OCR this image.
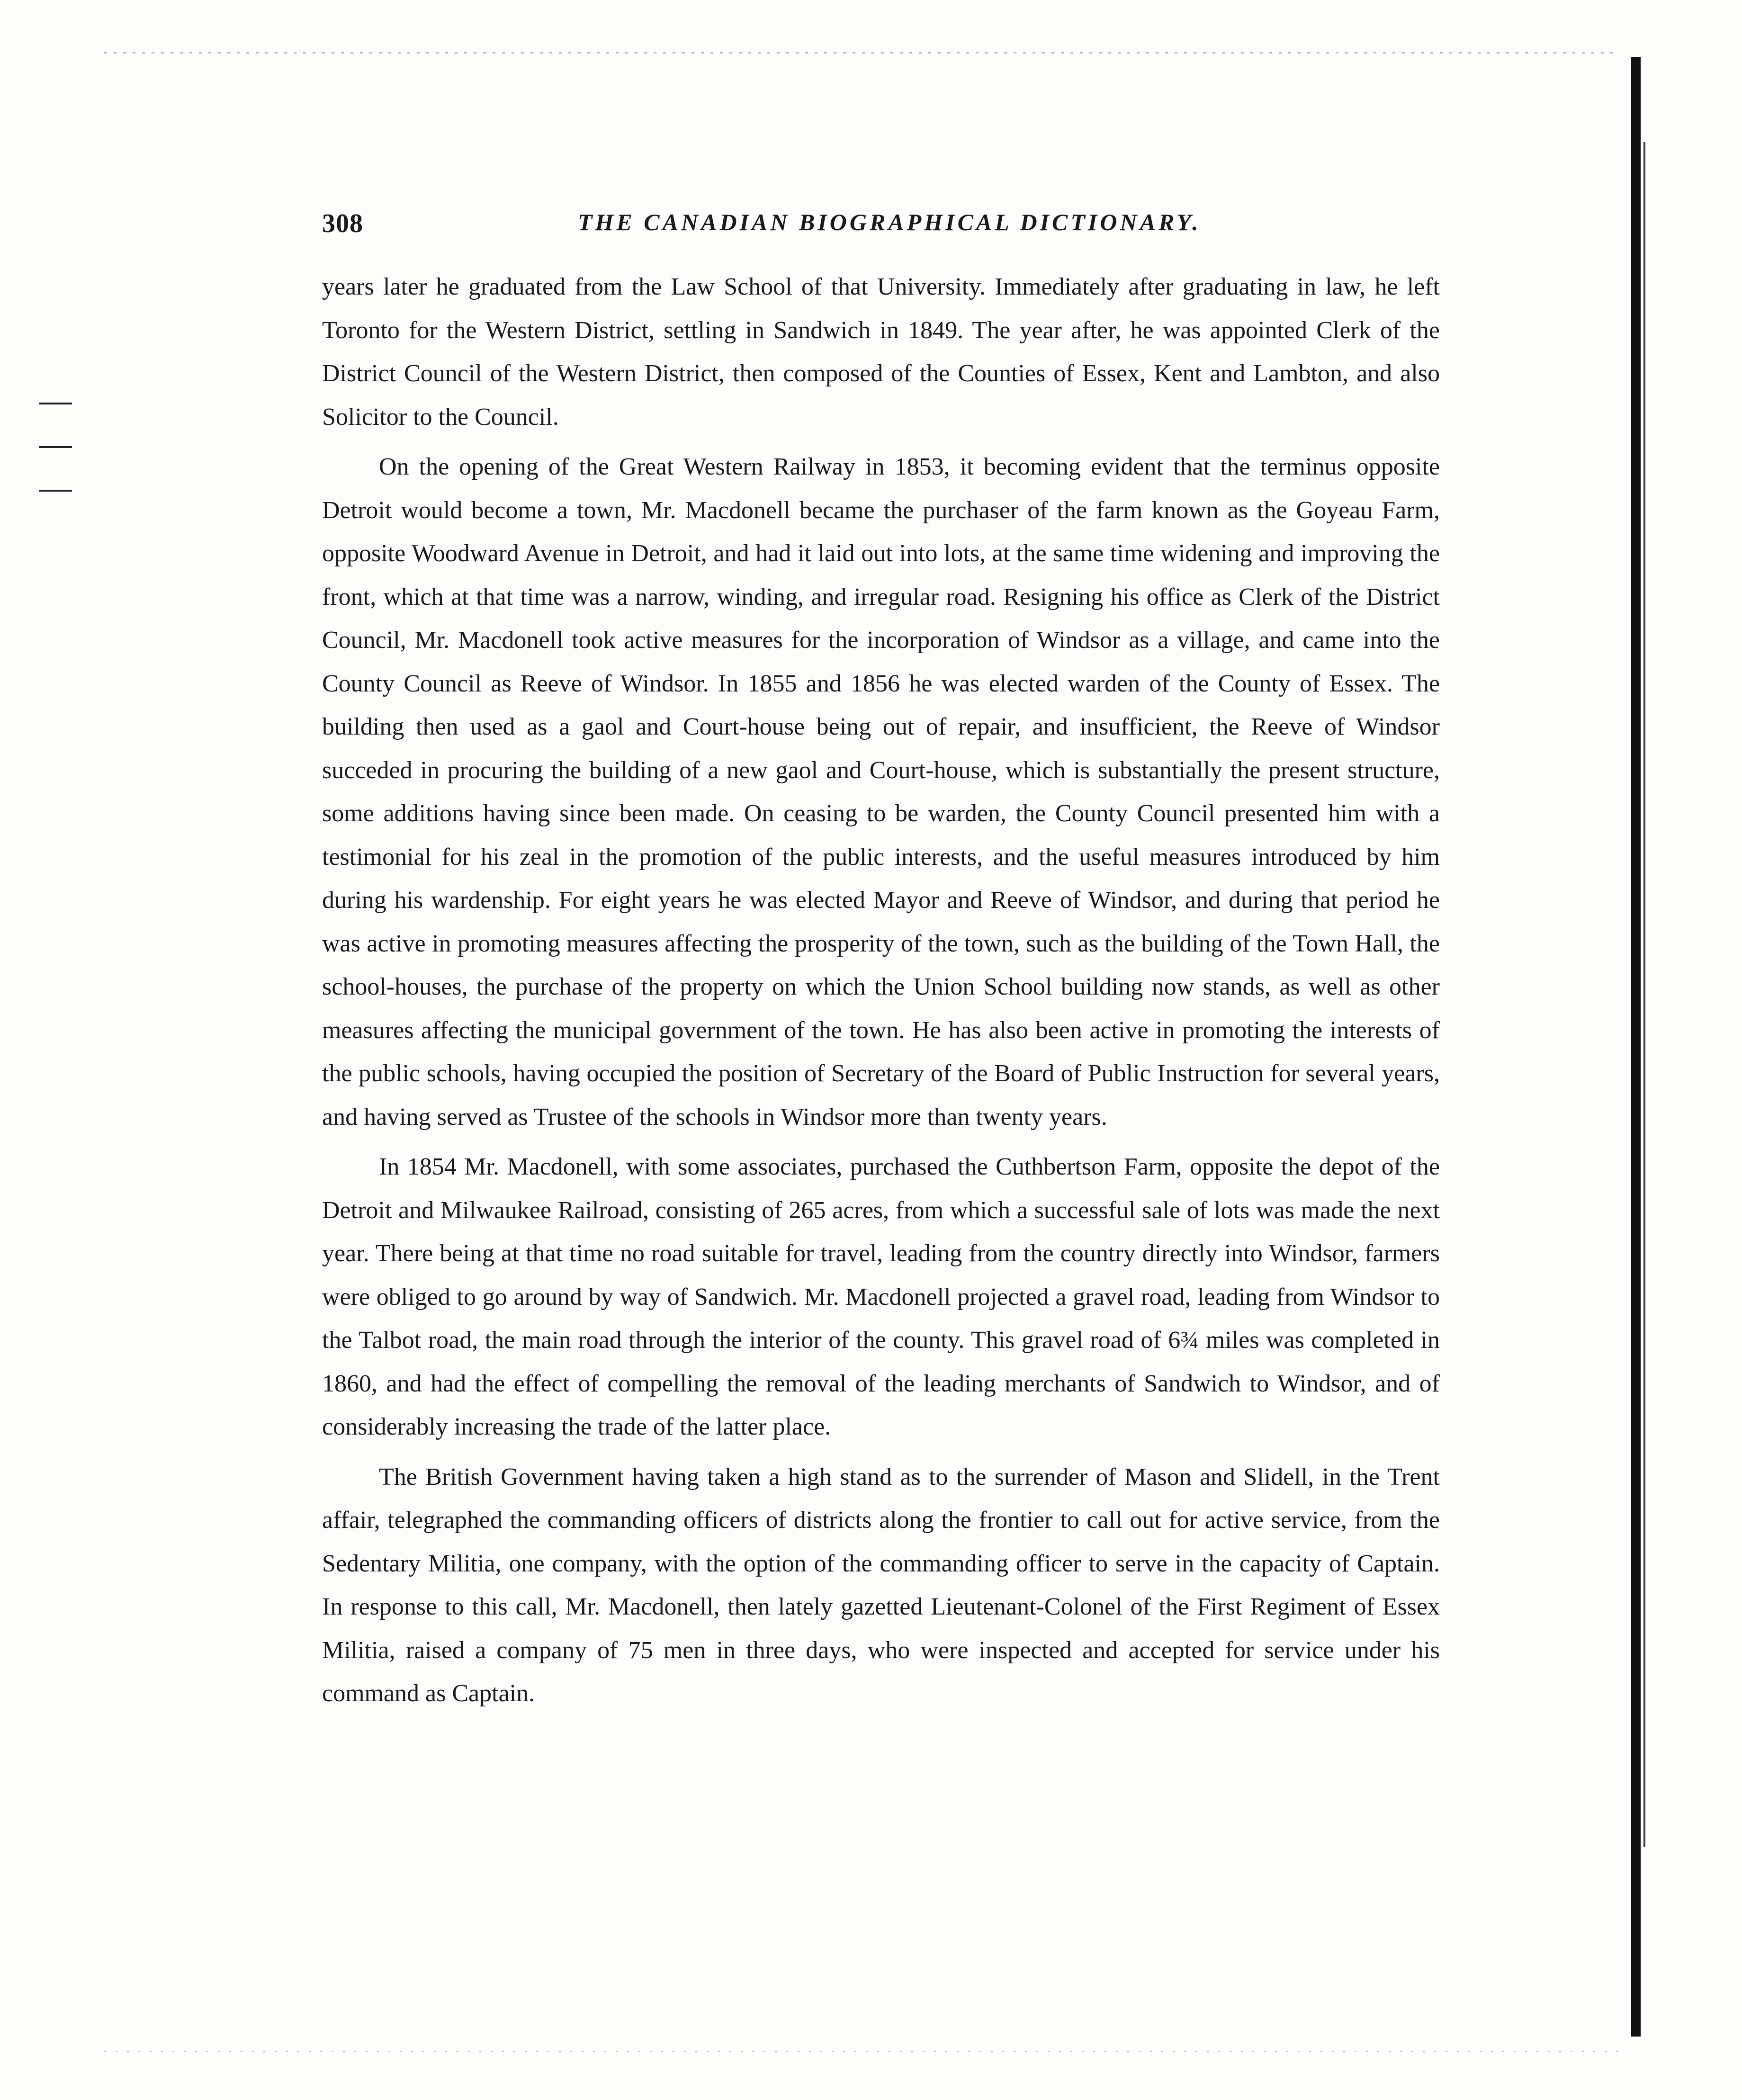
308	THE CANADIAN BIOGRAPHICAL DICTIONARY.

years later he graduated from the Law School of that University. Immediately after graduating in law, he left Toronto for the Western District, settling in Sandwich in 1849. The year after, he was appointed Clerk of the District Council of the Western District, then composed of the Counties of Essex, Kent and Lambton, and also Solicitor to the Council.

On the opening of the Great Western Railway in 1853, it becoming evident that the terminus opposite Detroit would become a town, Mr. Macdonell became the purchaser of the farm known as the Goyeau Farm, opposite Woodward Avenue in Detroit, and had it laid out into lots, at the same time widening and improving the front, which at that time was a narrow, winding, and irregular road. Resigning his office as Clerk of the District Council, Mr. Macdonell took active measures for the incorporation of Windsor as a village, and came into the County Council as Reeve of Windsor. In 1855 and 1856 he was elected warden of the County of Essex. The building then used as a gaol and Court-house being out of repair, and insufficient, the Reeve of Windsor succeded in procuring the building of a new gaol and Court-house, which is substantially the present structure, some additions having since been made. On ceasing to be warden, the County Council presented him with a testimonial for his zeal in the promotion of the public interests, and the useful measures introduced by him during his wardenship. For eight years he was elected Mayor and Reeve of Windsor, and during that period he was active in promoting measures affecting the prosperity of the town, such as the building of the Town Hall, the school-houses, the purchase of the property on which the Union School building now stands, as well as other measures affecting the municipal government of the town. He has also been active in promoting the interests of the public schools, having occupied the position of Secretary of the Board of Public Instruction for several years, and having served as Trustee of the schools in Windsor more than twenty years.

In 1854 Mr. Macdonell, with some associates, purchased the Cuthbertson Farm, opposite the depot of the Detroit and Milwaukee Railroad, consisting of 265 acres, from which a successful sale of lots was made the next year. There being at that time no road suitable for travel, leading from the country directly into Windsor, farmers were obliged to go around by way of Sandwich. Mr. Macdonell projected a gravel road, leading from Windsor to the Talbot road, the main road through the interior of the county. This gravel road of 6¾ miles was completed in 1860, and had the effect of compelling the removal of the leading merchants of Sandwich to Windsor, and of considerably increasing the trade of the latter place.

The British Government having taken a high stand as to the surrender of Mason and Slidell, in the Trent affair, telegraphed the commanding officers of districts along the frontier to call out for active service, from the Sedentary Militia, one company, with the option of the commanding officer to serve in the capacity of Captain. In response to this call, Mr. Macdonell, then lately gazetted Lieutenant-Colonel of the First Regiment of Essex Militia, raised a company of 75 men in three days, who were inspected and accepted for service under his command as Captain.
